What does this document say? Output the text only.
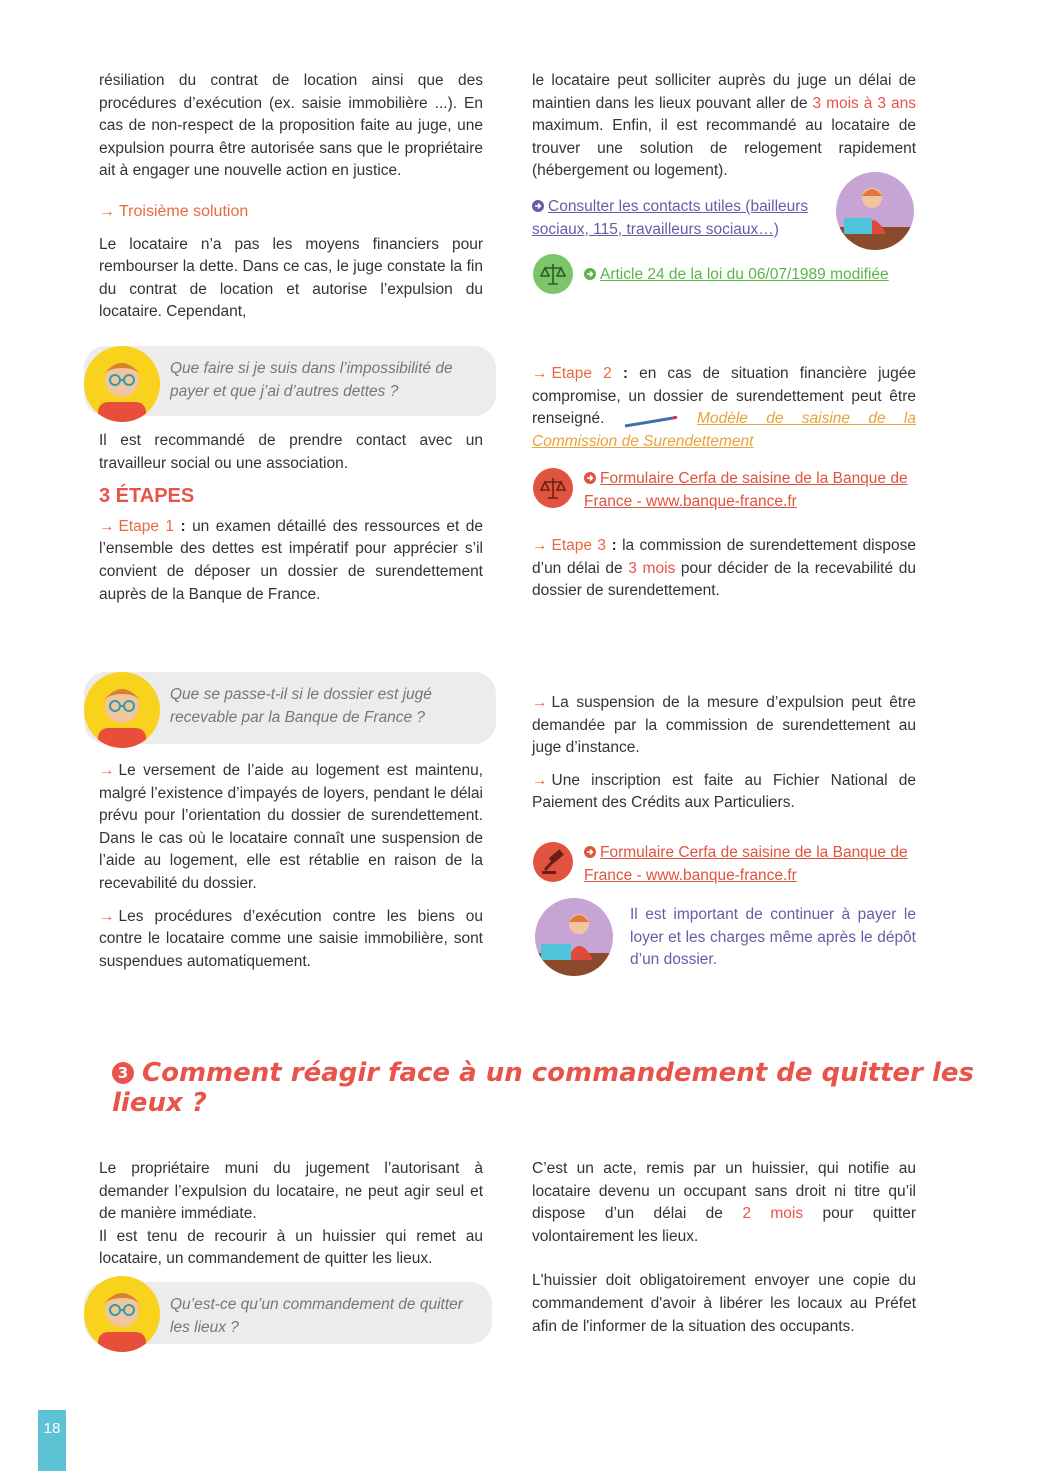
résiliation du contrat de location ainsi que des procédures d’exécution (ex. saisie immobilière ...). En cas de non-respect de la proposition faite au juge, une expulsion pourra être autorisée sans que le propriétaire ait à engager une nouvelle action en justice.

→ Troisième solution

Le locataire n’a pas les moyens financiers pour rembourser la dette. Dans ce cas, le juge constate la fin du contrat de location et autorise l’expulsion du locataire. Cependant,

le locataire peut solliciter auprès du juge un délai de maintien dans les lieux pouvant aller de 3 mois à 3 ans maximum. Enfin, il est recommandé au locataire de trouver une solution de relogement rapidement (hébergement ou logement).

Consulter les contacts utiles (bailleurs sociaux, 115, travailleurs sociaux…)
Article 24 de la loi du 06/07/1989 modifiée
Que faire si je suis dans l’impossibilité de payer et que j’ai d’autres dettes ?

Il est recommandé de prendre contact avec un travailleur social ou une association.

3 ÉTAPES

→ Etape 1 : un examen détaillé des ressources et de l’ensemble des dettes est impératif pour apprécier s’il convient de déposer un dossier de surendettement auprès de la Banque de France.

→ Etape 2 : en cas de situation financière jugée compromise, un dossier de surendettement peut être renseigné.	Modèle de saisine de la Commission de Surendettement

Formulaire Cerfa de saisine de la Banque de France - www.banque-france.fr

→ Etape 3 : la commission de surendettement dispose d’un délai de 3 mois pour décider de la recevabilité du dossier de surendettement.

Que se passe-t-il si le dossier est jugé recevable par la Banque de France ?

→ Le versement de l’aide au logement est maintenu, malgré l’existence d’impayés de loyers, pendant le délai prévu pour l’orientation du dossier de surendettement. Dans le cas où le locataire connaît une suspension de l’aide au logement, elle est rétablie en raison de la recevabilité du dossier.

→ Les procédures d’exécution contre les biens ou contre le locataire comme une saisie immobilière, sont suspendues automatiquement.

→ La suspension de la mesure d’expulsion peut être demandée par la commission de surendettement au juge d’instance.

→ Une inscription est faite au Fichier National de Paiement des Crédits aux Particuliers.

Formulaire Cerfa de saisine de la Banque de France - www.banque-france.fr

Il est important de continuer à payer le loyer et les charges même après le dépôt d’un dossier.

3 Comment réagir face à un commandement de quitter les lieux ?

Le propriétaire muni du jugement l’autorisant à demander l’expulsion du locataire, ne peut agir seul et de manière immédiate.

Il est tenu de recourir à un huissier qui remet au locataire, un commandement de quitter les lieux.

Qu’est-ce qu’un commandement de quitter les lieux ?

C’est un acte, remis par un huissier, qui notifie au locataire devenu un occupant sans droit ni titre qu’il dispose d’un délai de 2 mois pour quitter volontairement les lieux.

L'huissier doit obligatoirement envoyer une copie du commandement d'avoir à libérer les locaux au Préfet afin de l'informer de la situation des occupants.

18
